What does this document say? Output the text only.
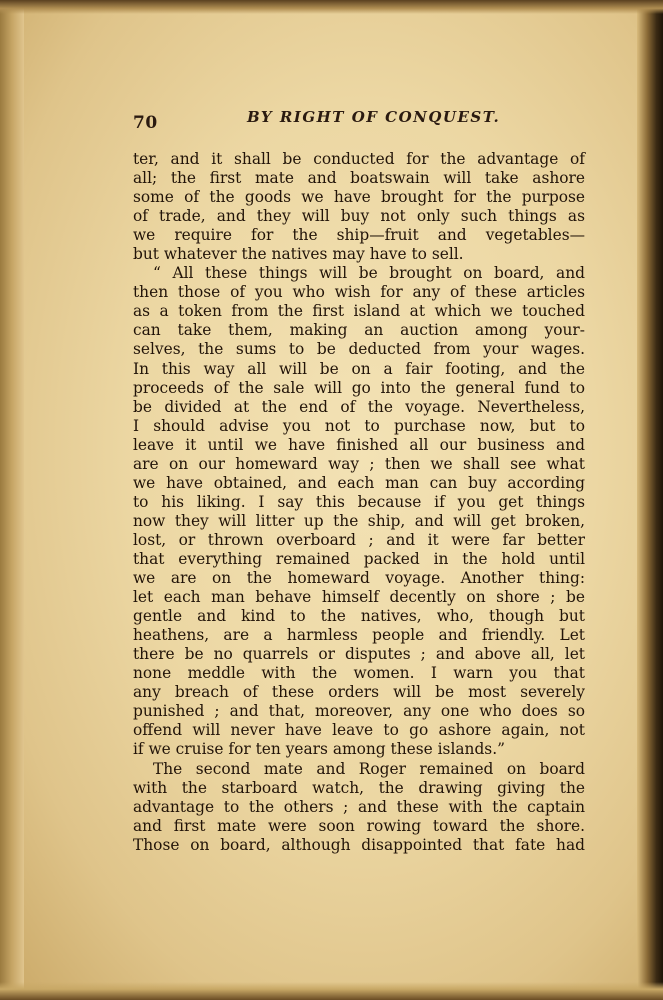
70	BY RIGHT OF CONQUEST.
ter, and it shall be conducted for the advantage of
all; the first mate and boatswain will take ashore
some of the goods we have brought for the purpose
of trade, and they will buy not only such things as
we require for the ship—fruit and vegetables—
but whatever the natives may have to sell.
“ All these things will be brought on board, and
then those of you who wish for any of these articles
as a token from the first island at which we touched
can take them, making an auction among your-
selves, the sums to be deducted from your wages.
In this way all will be on a fair footing, and the
proceeds of the sale will go into the general fund to
be divided at the end of the voyage. Nevertheless,
I should advise you not to purchase now, but to
leave it until we have finished all our business and
are on our homeward way ; then we shall see what
we have obtained, and each man can buy according
to his liking. I say this because if you get things
now they will litter up the ship, and will get broken,
lost, or thrown overboard ; and it were far better
that everything remained packed in the hold until
we are on the homeward voyage. Another thing:
let each man behave himself decently on shore ; be
gentle and kind to the natives, who, though but
heathens, are a harmless people and friendly. Let
there be no quarrels or disputes ; and above all, let
none meddle with the women. I warn you that
any breach of these orders will be most severely
punished ; and that, moreover, any one who does so
offend will never have leave to go ashore again, not
if we cruise for ten years among these islands.”
The second mate and Roger remained on board
with the starboard watch, the drawing giving the
advantage to the others ; and these with the captain
and first mate were soon rowing toward the shore.
Those on board, although disappointed that fate had
